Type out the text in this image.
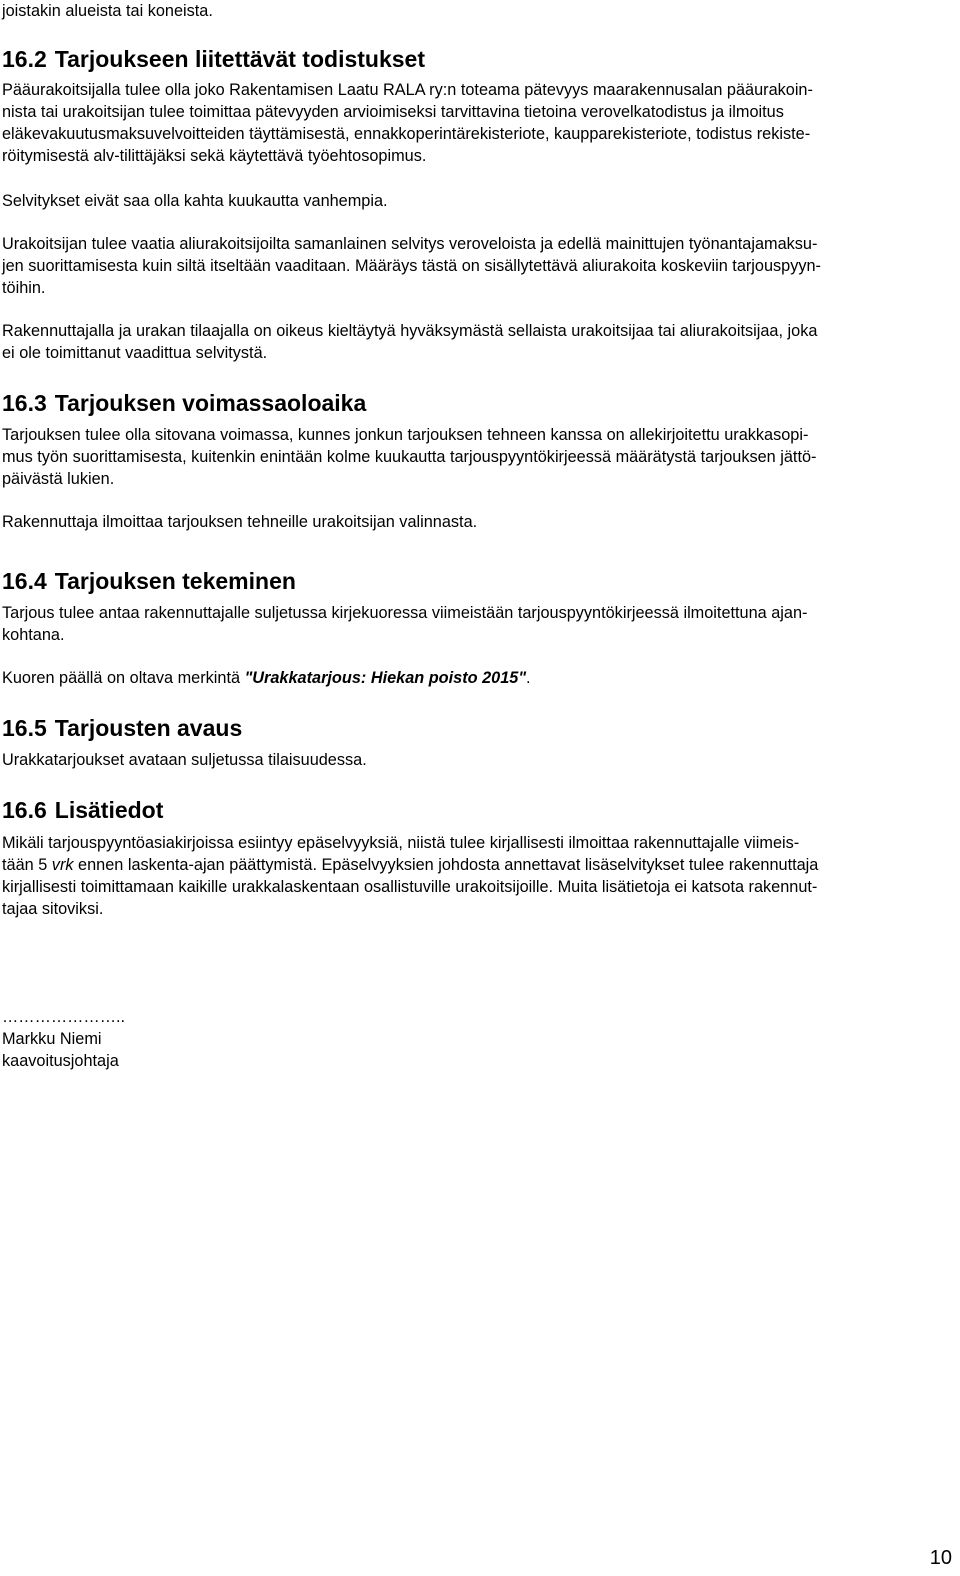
joistakin alueista tai koneista.

16.2 Tarjoukseen liitettävät todistukset

Pääurakoitsijalla tulee olla joko Rakentamisen Laatu RALA ry:n toteama pätevyys maarakennusalan pääurakoin-
nista tai urakoitsijan tulee toimittaa pätevyyden arvioimiseksi tarvittavina tietoina verovelkatodistus ja ilmoitus
eläkevakuutusmaksuvelvoitteiden täyttämisestä, ennakkoperintärekisteriote, kaupparekisteriote, todistus rekiste-
röitymisestä alv-tilittäjäksi sekä käytettävä työehtosopimus.

Selvitykset eivät saa olla kahta kuukautta vanhempia.

Urakoitsijan tulee vaatia aliurakoitsijoilta samanlainen selvitys veroveloista ja edellä mainittujen työnantajamaksu-
jen suorittamisesta kuin siltä itseltään vaaditaan. Määräys tästä on sisällytettävä aliurakoita koskeviin tarjouspyyn-
töihin.

Rakennuttajalla ja urakan tilaajalla on oikeus kieltäytyä hyväksymästä sellaista urakoitsijaa tai aliurakoitsijaa, joka
ei ole toimittanut vaadittua selvitystä.

16.3 Tarjouksen voimassaoloaika

Tarjouksen tulee olla sitovana voimassa, kunnes jonkun tarjouksen tehneen kanssa on allekirjoitettu urakkasopi-
mus työn suorittamisesta, kuitenkin enintään kolme kuukautta tarjouspyyntökirjeessä määrätystä tarjouksen jättö-
päivästä lukien.

Rakennuttaja ilmoittaa tarjouksen tehneille urakoitsijan valinnasta.

16.4 Tarjouksen tekeminen

Tarjous tulee antaa rakennuttajalle suljetussa kirjekuoressa viimeistään tarjouspyyntökirjeessä ilmoitettuna ajan-
kohtana.

Kuoren päällä on oltava merkintä "Urakkatarjous: Hiekan poisto 2015".

16.5 Tarjousten avaus

Urakkatarjoukset avataan suljetussa tilaisuudessa.

16.6 Lisätiedot

Mikäli tarjouspyyntöasiakirjoissa esiintyy epäselvyyksiä, niistä tulee kirjallisesti ilmoittaa rakennuttajalle viimeis-
tään 5 vrk ennen laskenta-ajan päättymistä. Epäselvyyksien johdosta annettavat lisäselvitykset tulee rakennuttaja
kirjallisesti toimittamaan kaikille urakkalaskentaan osallistuville urakoitsijoille. Muita lisätietoja ei katsota rakennut-
tajaa sitoviksi.

…………………..
Markku Niemi
kaavoitusjohtaja

10
